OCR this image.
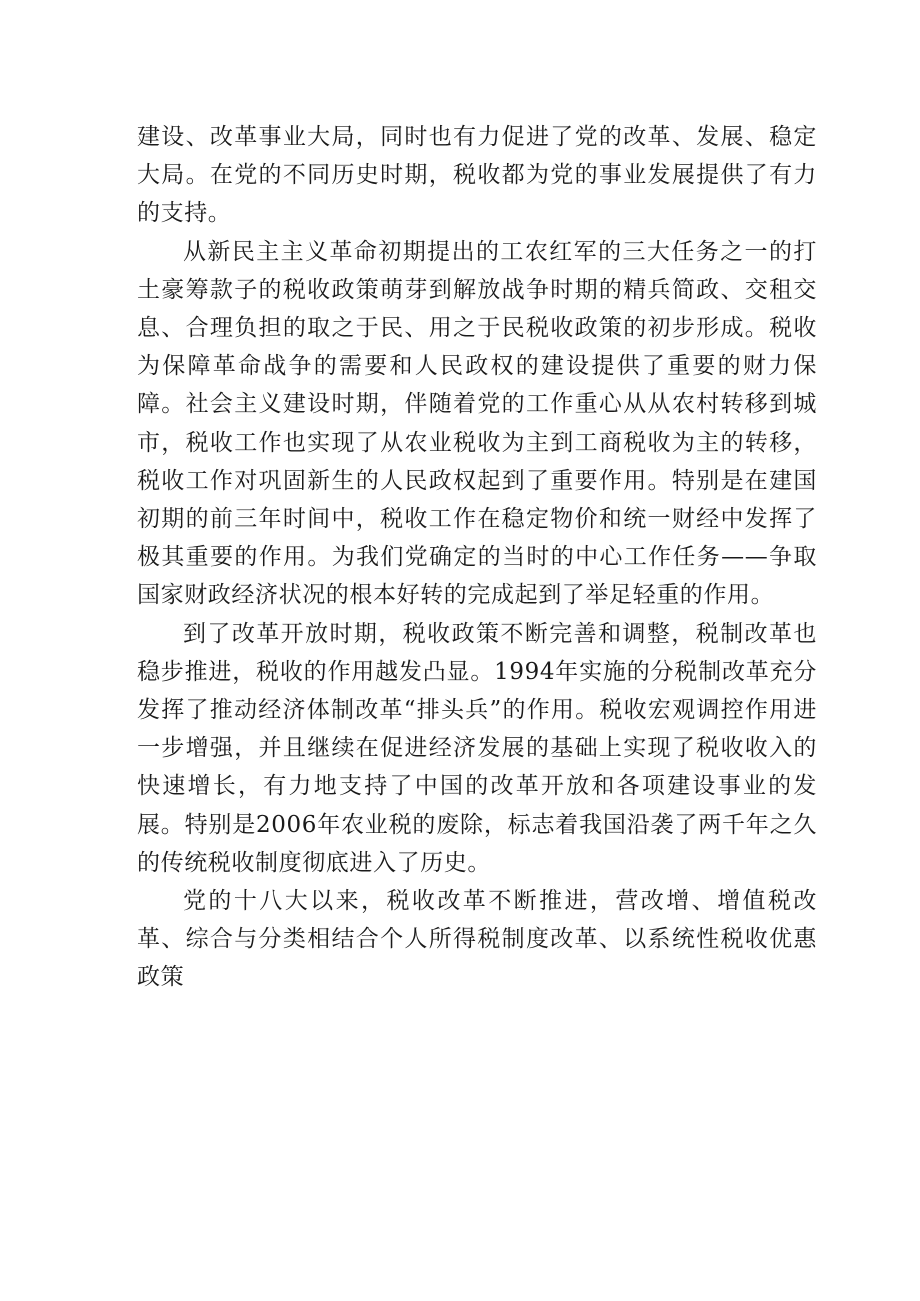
建设、改革事业大局，同时也有力促进了党的改革、发展、稳定大局。在党的不同历史时期，税收都为党的事业发展提供了有力的支持。

从新民主主义革命初期提出的工农红军的三大任务之一的打土豪筹款子的税收政策萌芽到解放战争时期的精兵简政、交租交息、合理负担的取之于民、用之于民税收政策的初步形成。税收为保障革命战争的需要和人民政权的建设提供了重要的财力保障。社会主义建设时期，伴随着党的工作重心从从农村转移到城市，税收工作也实现了从农业税收为主到工商税收为主的转移，税收工作对巩固新生的人民政权起到了重要作用。特别是在建国初期的前三年时间中，税收工作在稳定物价和统一财经中发挥了极其重要的作用。为我们党确定的当时的中心工作任务——争取国家财政经济状况的根本好转的完成起到了举足轻重的作用。

到了改革开放时期，税收政策不断完善和调整，税制改革也稳步推进，税收的作用越发凸显。1994年实施的分税制改革充分发挥了推动经济体制改革“排头兵”的作用。税收宏观调控作用进一步增强，并且继续在促进经济发展的基础上实现了税收收入的快速增长，有力地支持了中国的改革开放和各项建设事业的发展。特别是2006年农业税的废除，标志着我国沿袭了两千年之久的传统税收制度彻底进入了历史。

党的十八大以来，税收改革不断推进，营改增、增值税改革、综合与分类相结合个人所得税制度改革、以系统性税收优惠政策
